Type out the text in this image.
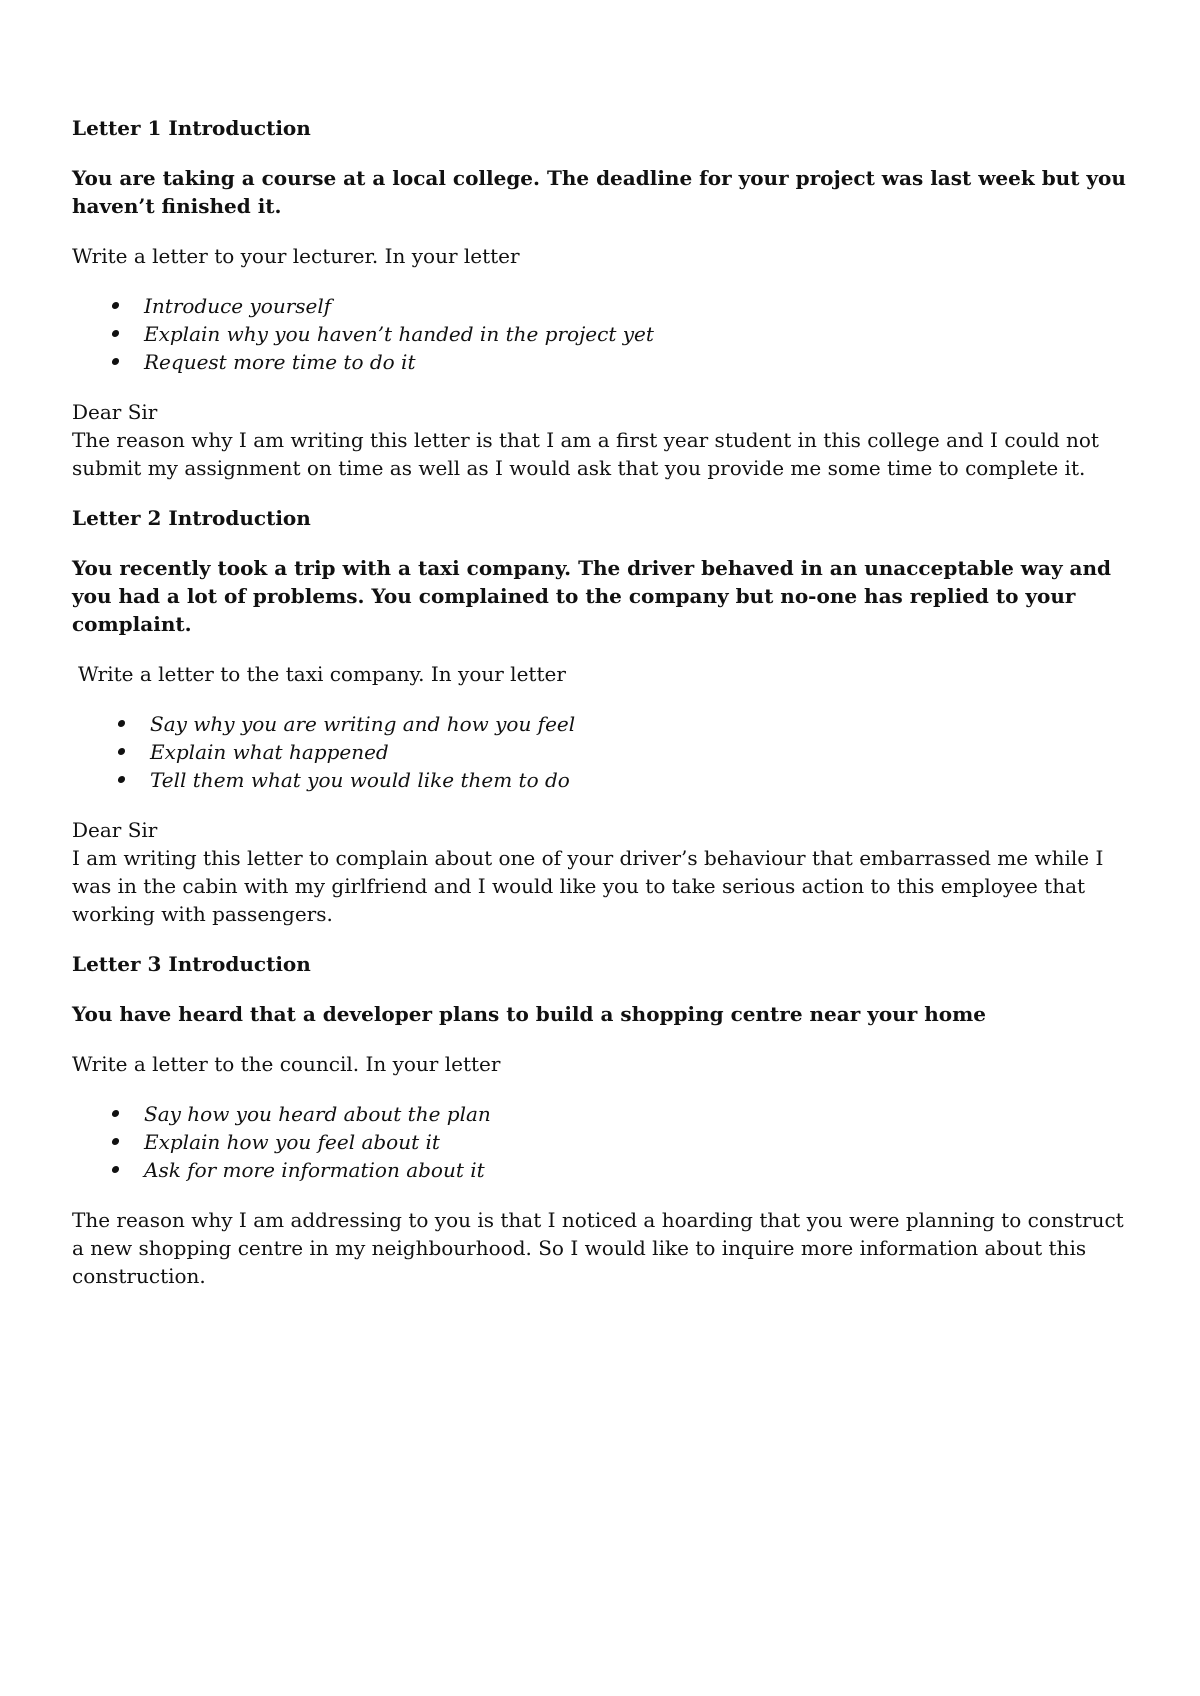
Letter 1 Introduction

You are taking a course at a local college. The deadline for your project was last week but you haven’t finished it.

Write a letter to your lecturer. In your letter

Introduce yourself
Explain why you haven’t handed in the project yet
Request more time to do it

Dear Sir

The reason why I am writing this letter is that I am a first year student in this college and I could not submit my assignment on time as well as I would ask that you provide me some time to complete it.

Letter 2 Introduction

You recently took a trip with a taxi company. The driver behaved in an unacceptable way and you had a lot of problems. You complained to the company but no-one has replied to your complaint.

Write a letter to the taxi company. In your letter

Say why you are writing and how you feel
Explain what happened
Tell them what you would like them to do

Dear Sir

I am writing this letter to complain about one of your driver’s behaviour that embarrassed me while I was in the cabin with my girlfriend and I would like you to take serious action to this employee that working with passengers.

Letter 3 Introduction

You have heard that a developer plans to build a shopping centre near your home

Write a letter to the council. In your letter

Say how you heard about the plan
Explain how you feel about it
Ask for more information about it

The reason why I am addressing to you is that I noticed a hoarding that you were planning to construct a new shopping centre in my neighbourhood. So I would like to inquire more information about this construction.
